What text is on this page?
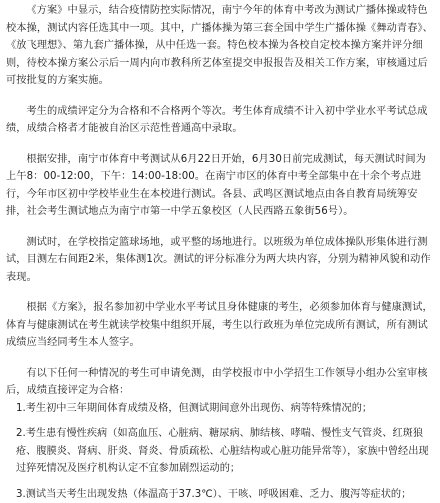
《方案》中显示，结合疫情防控实际情况，南宁今年的体育中考改为测试广播体操或特色校本操，测试内容任选其中一项。其中，广播体操为第三套全国中学生广播体操《舞动青春》、《放飞理想》、第九套广播体操，从中任选一套。特色校本操为各校自定校本操方案并评分细则，待校本操方案公示后一周内向市教科所艺体室提交申报报告及相关工作方案，审核通过后可按批复的方案实施。

考生的成绩评定分为合格和不合格两个等次。考生体育成绩不计入初中学业水平考试总成绩，成绩合格者才能被自治区示范性普通高中录取。

根据安排，南宁市体育中考测试从6月22日开始，6月30日前完成测试，每天测试时间为上午8：00-12:00，下午：14:00-18:00。在南宁市区的体育中考全部集中在十余个考点进行，今年市区初中学校毕业生在本校进行测试。各县、武鸣区测试地点由各自教育局统筹安排，社会考生测试地点为南宁市第一中学五象校区（人民西路五象街56号）。

测试时，在学校指定篮球场地，或平整的场地进行。以班级为单位成体操队形集体进行测试，目测左右间距2米，集体测1次。测试的评分标准分为两大块内容，分别为精神风貌和动作表现。

根据《方案》，报名参加初中学业水平考试且身体健康的考生，必须参加体育与健康测试，体育与健康测试在考生就读学校集中组织开展，考生以行政班为单位完成所有测试，所有测试成绩应当经同考生本人签字。

有以下任何一种情况的考生可申请免测，由学校报市中小学招生工作领导小组办公室审核后，成绩直接评定为合格：

1.考生初中三年期间体育成绩及格，但测试期间意外出现伤、病等特殊情况的；

2.考生患有慢性疾病（如高血压、心脏病、糖尿病、肺结核、哮喘、慢性支气管炎、红斑狼疮、腹膜炎、肾病、肝炎、肾炎、骨质疏松、心脏结构或心脏功能异常等），家族中曾经出现过猝死情况及医疗机构认定不宜参加剧烈运动的；

3.测试当天考生出现发热（体温高于37.3℃）、干咳、呼吸困难、乏力、腹泻等症状的；
